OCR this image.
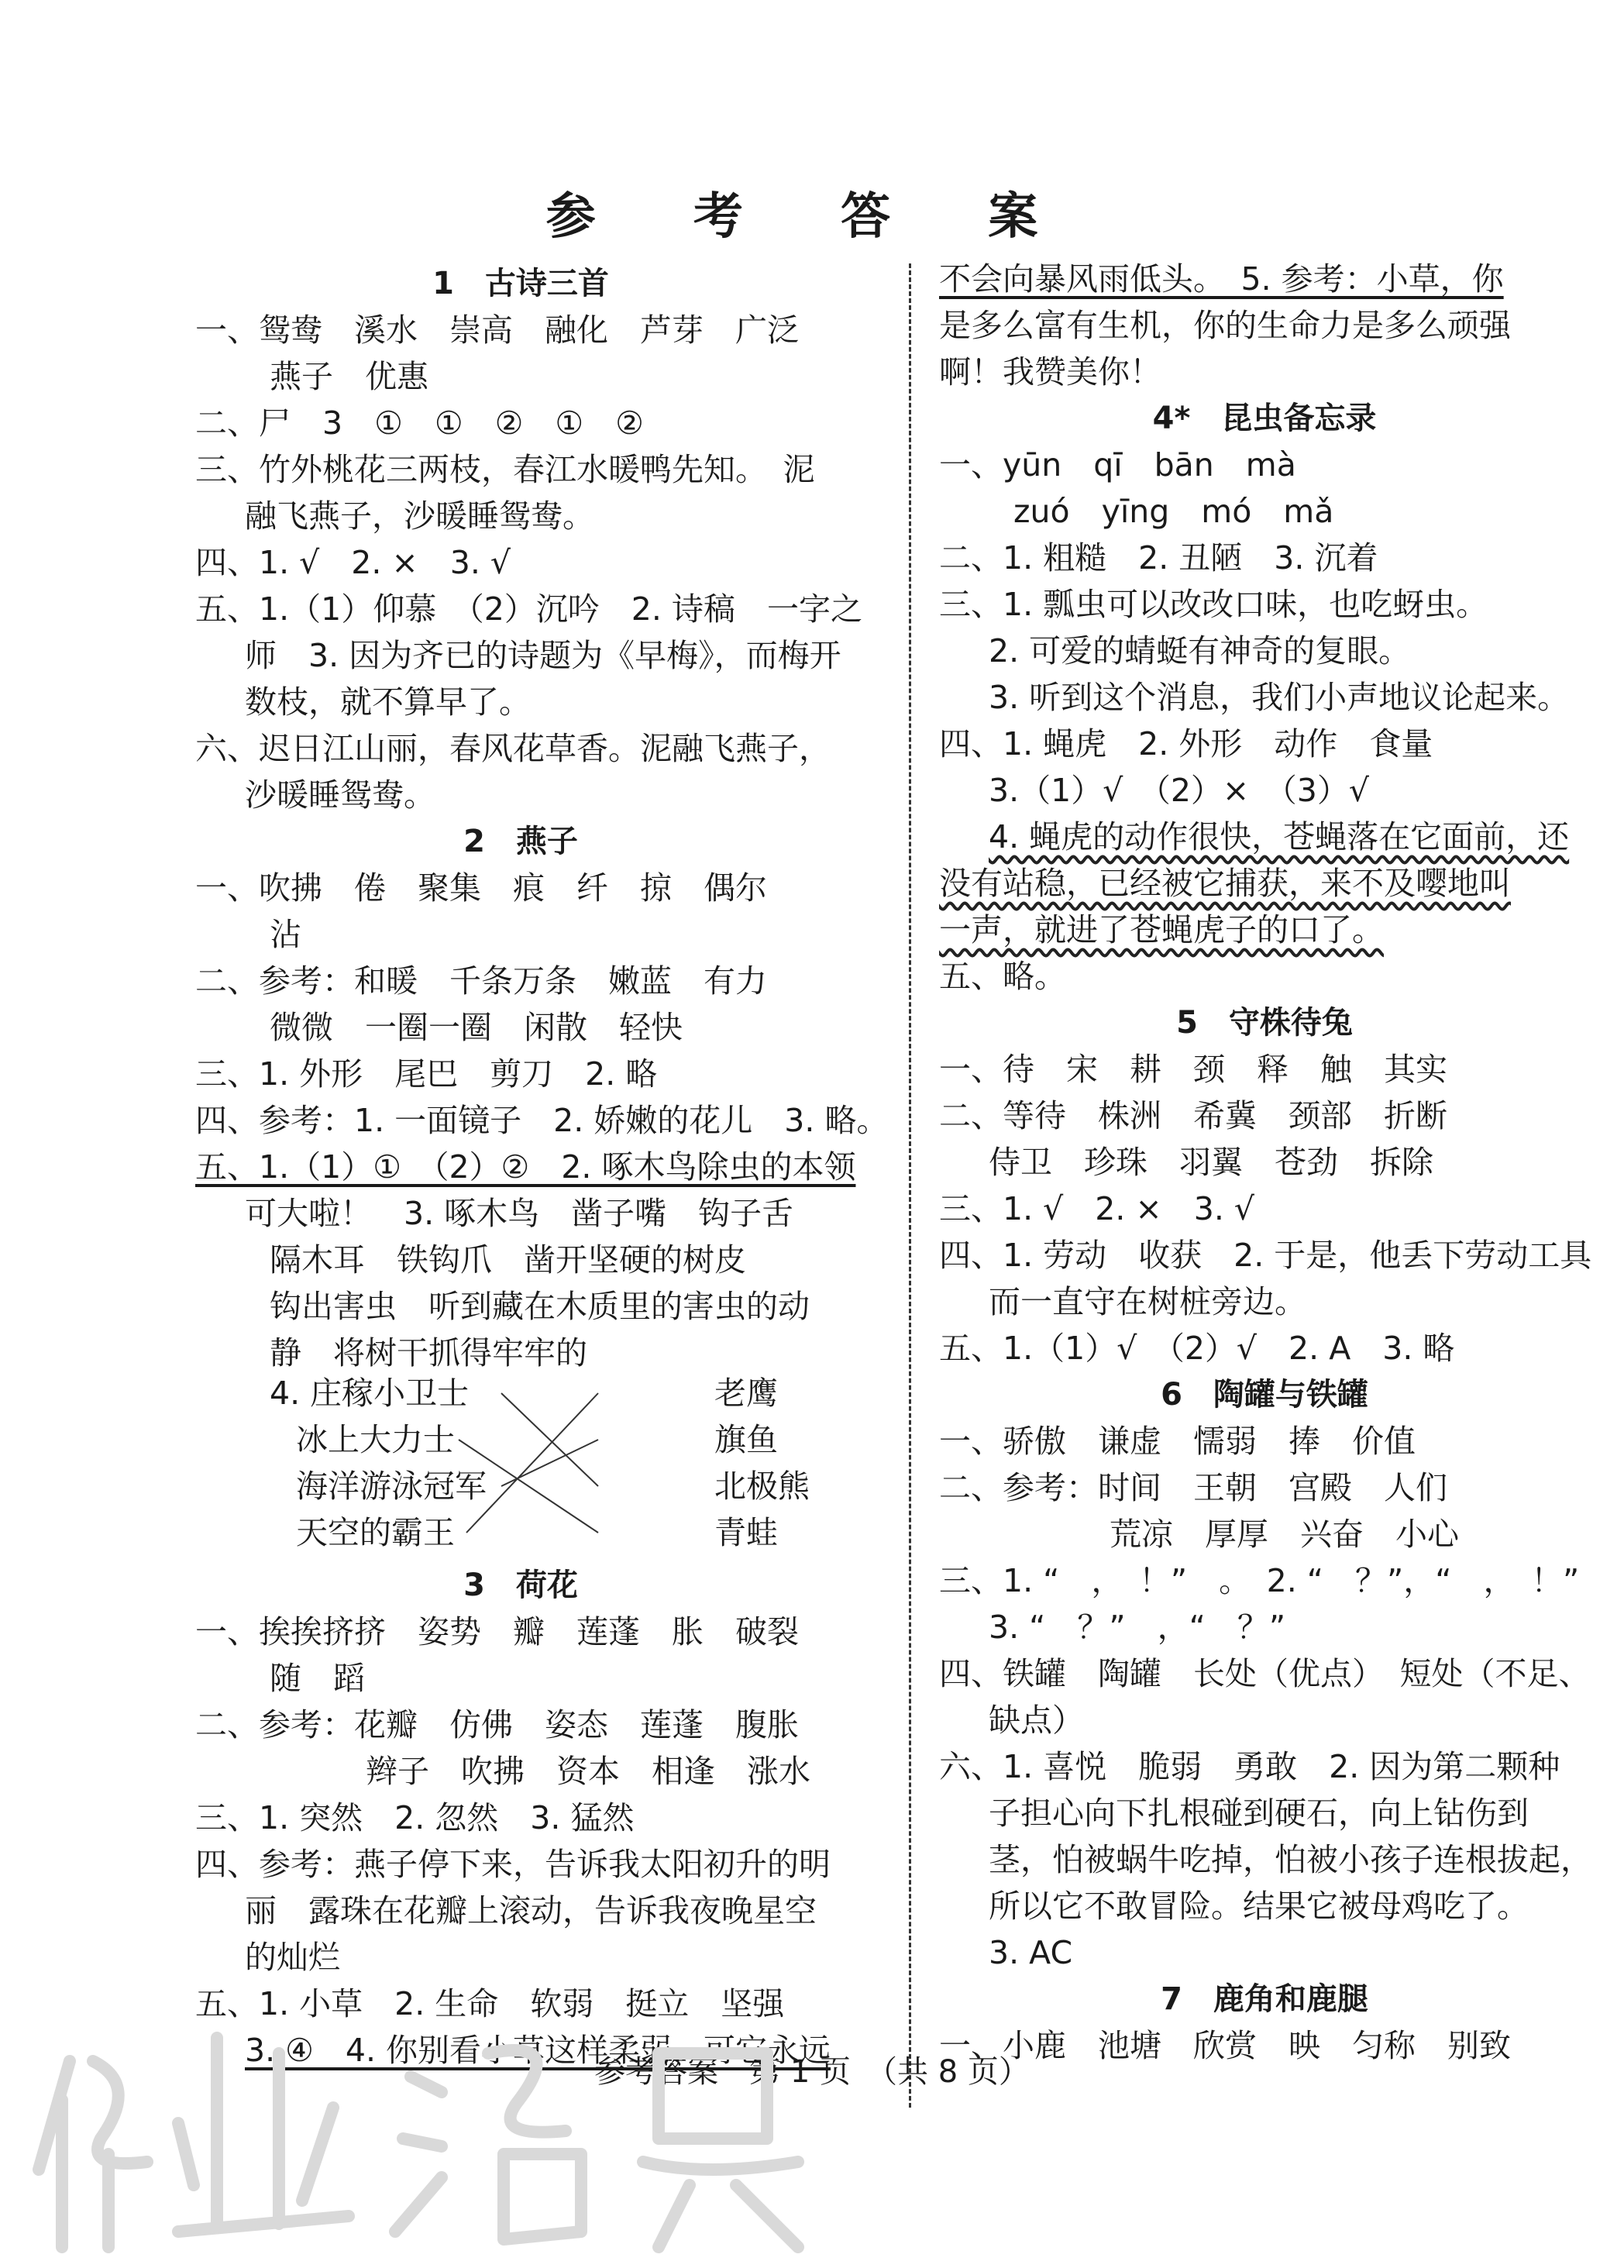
参 考 答 案
1　古诗三首
一、鸳鸯　溪水　崇高　融化　芦芽　广泛
燕子　优惠
二、尸　3　①　①　②　①　②
三、竹外桃花三两枝，春江水暖鸭先知。　泥
融飞燕子，沙暖睡鸳鸯。
四、1. √　2. ×　3. √
五、1.（1）仰慕　（2）沉吟　2. 诗稿　一字之
师　3. 因为齐已的诗题为《早梅》，而梅开
数枝，就不算早了。
六、迟日江山丽，春风花草香。泥融飞燕子，
沙暖睡鸳鸯。
2　燕子
一、吹拂　倦　聚集　痕　纤　掠　偶尔
沾
二、参考：和暖　千条万条　嫩蓝　有力
微微　一圈一圈　闲散　轻快
三、1. 外形　尾巴　剪刀　2. 略
四、参考：1. 一面镜子　2. 娇嫩的花儿　3. 略。
五、1.（1）①　（2）②　2. 啄木鸟除虫的本领
可大啦！　3. 啄木鸟　凿子嘴　钩子舌
隔木耳　铁钩爪　凿开坚硬的树皮
钩出害虫　听到藏在木质里的害虫的动
静　将树干抓得牢牢的
4. 庄稼小卫士
冰上大力士
海洋游泳冠军
天空的霸王
老鹰
旗鱼
北极熊
青蛙
3　荷花
一、挨挨挤挤　姿势　瓣　莲蓬　胀　破裂
随　蹈
二、参考：花瓣　仿佛　姿态　莲蓬　腹胀
辫子　吹拂　资本　相逢　涨水
三、1. 突然　2. 忽然　3. 猛然
四、参考：燕子停下来，告诉我太阳初升的明
丽　露珠在花瓣上滚动，告诉我夜晚星空
的灿烂
五、1. 小草　2. 生命　软弱　挺立　坚强
3. ④　4. 你别看小草这样柔弱，可它永远
不会向暴风雨低头。　5. 参考：小草，你
是多么富有生机，你的生命力是多么顽强
啊！我赞美你！
4*　昆虫备忘录
一、yūn　qī　bān　mà
zuó　yīng　mó　mǎ
二、1. 粗糙　2. 丑陋　3. 沉着
三、1. 瓢虫可以改改口味，也吃蚜虫。
2. 可爱的蜻蜓有神奇的复眼。
3. 听到这个消息，我们小声地议论起来。
四、1. 蝇虎　2. 外形　动作　食量
3.（1）√　（2）×　（3）√
4. 蝇虎的动作很快，苍蝇落在它面前，还
没有站稳，已经被它捕获，来不及嘤地叫
一声，就进了苍蝇虎子的口了。
五、略。
5　守株待兔
一、待　宋　耕　颈　释　触　其实
二、等待　株洲　希冀　颈部　折断
侍卫　珍珠　羽翼　苍劲　拆除
三、1. √　2. ×　3. √
四、1. 劳动　收获　2. 于是，他丢下劳动工具
而一直守在树桩旁边。
五、1.（1）√　（2）√　2. A　3. 略
6　陶罐与铁罐
一、骄傲　谦虚　懦弱　捧　价值
二、参考：时间　王朝　宫殿　人们
荒凉　厚厚　兴奋　小心
三、1. “　，　！”　。　2. “　？”，“　，　！”
3. “　？”　，“　？”
四、铁罐　陶罐　长处（优点）　短处（不足、
缺点）
六、1. 喜悦　脆弱　勇敢　2. 因为第二颗种
子担心向下扎根碰到硬石，向上钻伤到
茎，怕被蜗牛吃掉，怕被小孩子连根拔起，
所以它不敢冒险。结果它被母鸡吃了。
3. AC
7　鹿角和鹿腿
一、小鹿　池塘　欣赏　映　匀称　别致
参考答案　第 1 页　（共 8 页）
